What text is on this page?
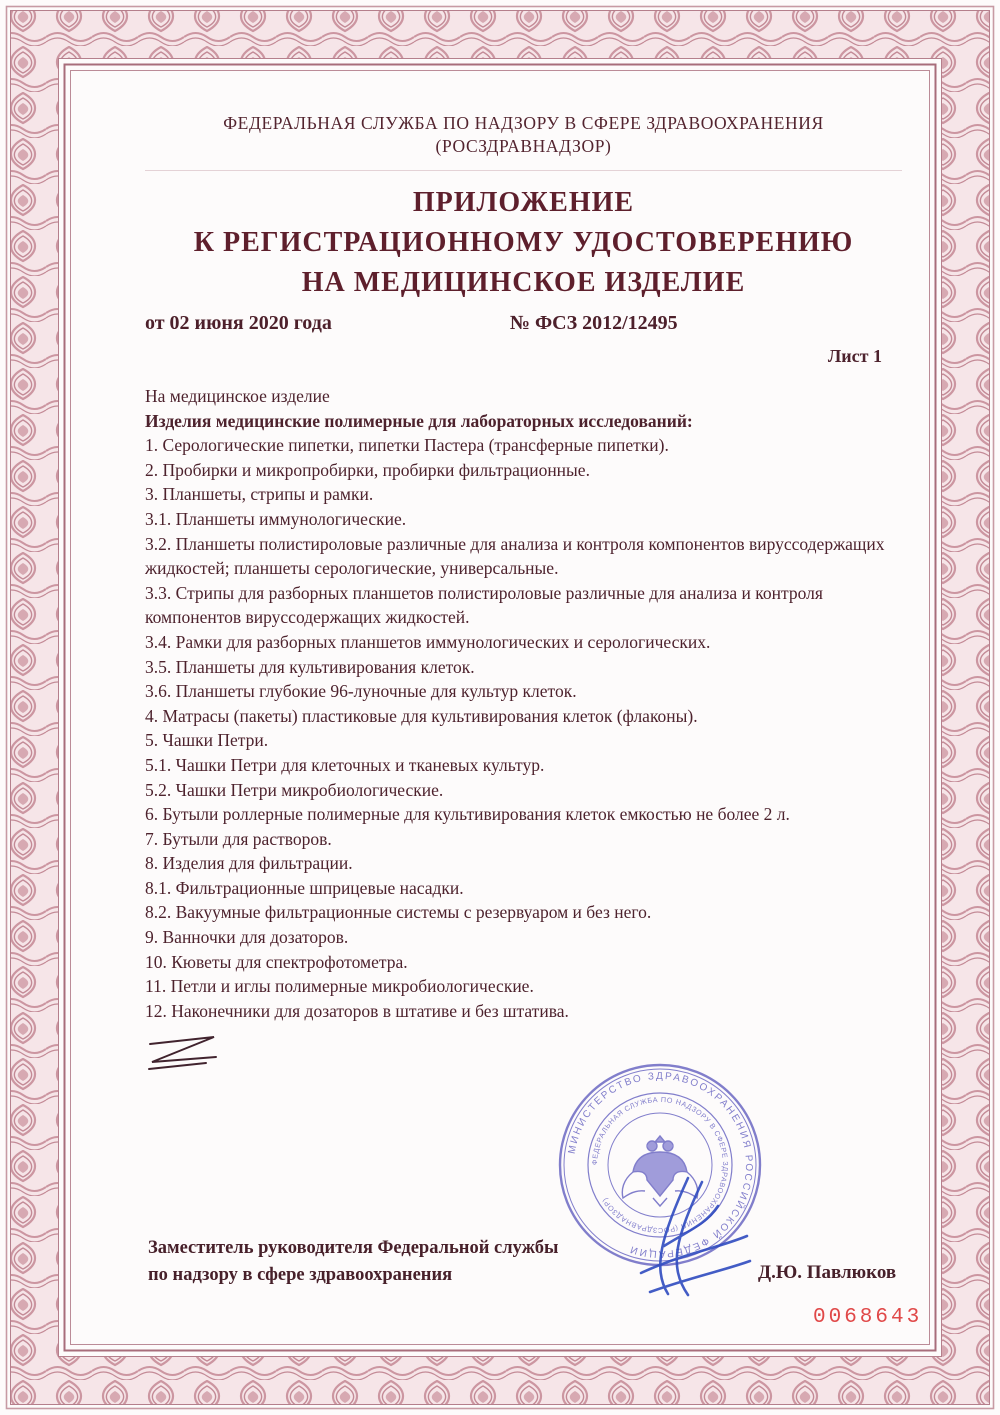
ФЕДЕРАЛЬНАЯ СЛУЖБА ПО НАДЗОРУ В СФЕРЕ ЗДРАВООХРАНЕНИЯ
(РОСЗДРАВНАДЗОР)
ПРИЛОЖЕНИЕ
К РЕГИСТРАЦИОННОМУ УДОСТОВЕРЕНИЮ
НА МЕДИЦИНСКОЕ ИЗДЕЛИЕ
от 02 июня 2020 года	№ ФСЗ 2012/12495
Лист 1
На медицинское изделие
Изделия медицинские полимерные для лабораторных исследований:
1. Серологические пипетки, пипетки Пастера (трансферные пипетки).
2. Пробирки и микропробирки, пробирки фильтрационные.
3. Планшеты, стрипы и рамки.
3.1. Планшеты иммунологические.
3.2. Планшеты полистироловые различные для анализа и контроля компонентов вируссодержащих жидкостей; планшеты серологические, универсальные.
3.3. Стрипы для разборных планшетов полистироловые различные для анализа и контроля компонентов вируссодержащих жидкостей.
3.4. Рамки для разборных планшетов иммунологических и серологических.
3.5. Планшеты для культивирования клеток.
3.6. Планшеты глубокие 96-луночные для культур клеток.
4. Матрасы (пакеты) пластиковые для культивирования клеток (флаконы).
5. Чашки Петри.
5.1. Чашки Петри для клеточных и тканевых культур.
5.2. Чашки Петри микробиологические.
6. Бутыли роллерные полимерные для культивирования клеток емкостью не более 2 л.
7. Бутыли для растворов.
8. Изделия для фильтрации.
8.1. Фильтрационные шприцевые насадки.
8.2. Вакуумные фильтрационные системы с резервуаром и без него.
9. Ванночки для дозаторов.
10. Кюветы для спектрофотометра.
11. Петли и иглы полимерные микробиологические.
12. Наконечники для дозаторов в штативе и без штатива.
МИНИСТЕРСТВО ЗДРАВООХРАНЕНИЯ РОССИЙСКОЙ ФЕДЕРАЦИИ
ФЕДЕРАЛЬНАЯ СЛУЖБА ПО НАДЗОРУ В СФЕРЕ ЗДРАВООХРАНЕНИЯ (РОСЗДРАВНАДЗОР)
Заместитель руководителя Федеральной службы
по надзору в сфере здравоохранения	Д.Ю. Павлюков
0068643
